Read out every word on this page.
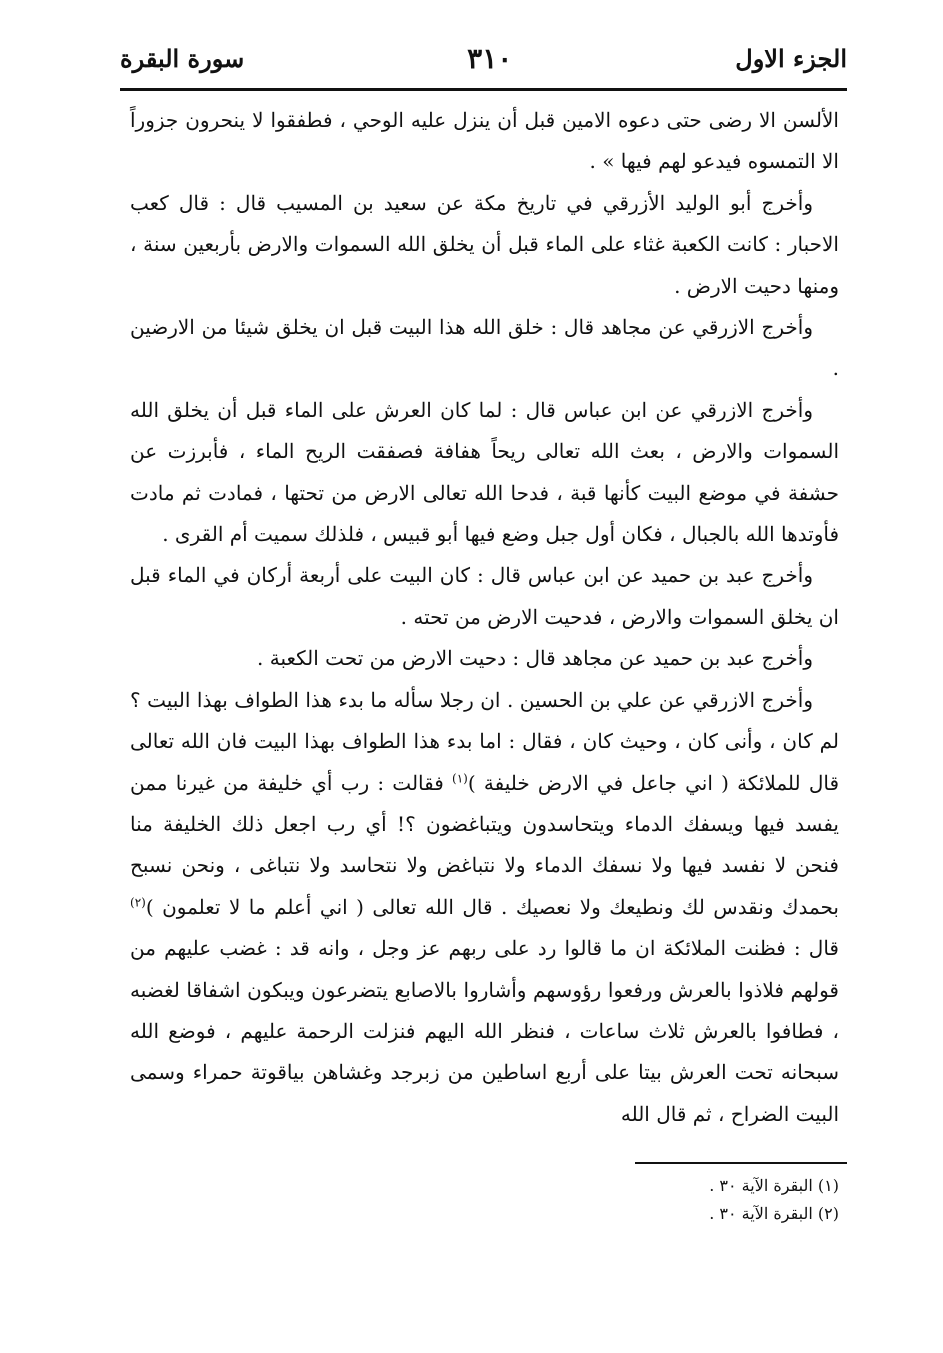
الجزء الاول
٣١٠
سورة البقرة

الألسن الا رضى حتى دعوه الامين قبل أن ينزل عليه الوحي ، فطفقوا لا ينحرون جزوراً الا التمسوه فيدعو لهم فيها » .

وأخرج أبو الوليد الأزرقي في تاريخ مكة عن سعيد بن المسيب قال : قال كعب الاحبار : كانت الكعبة غثاء على الماء قبل أن يخلق الله السموات والارض بأربعين سنة ، ومنها دحيت الارض .

وأخرج الازرقي عن مجاهد قال : خلق الله هذا البيت قبل ان يخلق شيئا من الارضين .

وأخرج الازرقي عن ابن عباس قال : لما كان العرش على الماء قبل أن يخلق الله السموات والارض ، بعث الله تعالى ريحاً هفافة فصفقت الريح الماء ، فأبرزت عن حشفة في موضع البيت كأنها قبة ، فدحا الله تعالى الارض من تحتها ، فمادت ثم مادت فأوتدها الله بالجبال ، فكان أول جبل وضع فيها أبو قبيس ، فلذلك سميت أم القرى .

وأخرج عبد بن حميد عن ابن عباس قال : كان البيت على أربعة أركان في الماء قبل ان يخلق السموات والارض ، فدحيت الارض من تحته .

وأخرج عبد بن حميد عن مجاهد قال : دحيت الارض من تحت الكعبة .

وأخرج الازرقي عن علي بن الحسين . ان رجلا سأله ما بدء هذا الطواف بهذا البيت ؟ لم كان ، وأنى كان ، وحيث كان ، فقال : اما بدء هذا الطواف بهذا البيت فان الله تعالى قال للملائكة ( اني جاعل في الارض خليفة )$^{(١)}$ فقالت : رب أي خليفة من غيرنا ممن يفسد فيها ويسفك الدماء ويتحاسدون ويتباغضون ؟! أي رب اجعل ذلك الخليفة منا فنحن لا نفسد فيها ولا نسفك الدماء ولا نتباغض ولا نتحاسد ولا نتباغى ، ونحن نسبح بحمدك ونقدس لك ونطيعك ولا نعصيك . قال الله تعالى ( اني أعلم ما لا تعلمون )$^{(٢)}$ قال : فظنت الملائكة ان ما قالوا رد على ربهم عز وجل ، وانه قد : غضب عليهم من قولهم فلاذوا بالعرش ورفعوا رؤوسهم وأشاروا بالاصابع يتضرعون ويبكون اشفاقا لغضبه ، فطافوا بالعرش ثلاث ساعات ، فنظر الله اليهم فنزلت الرحمة عليهم ، فوضع الله سبحانه تحت العرش بيتا على أربع اساطين من زبرجد وغشاهن بياقوتة حمراء وسمى البيت الضراح ، ثم قال الله

(١) البقرة الآية ٣٠ .
(٢) البقرة الآية ٣٠ .
